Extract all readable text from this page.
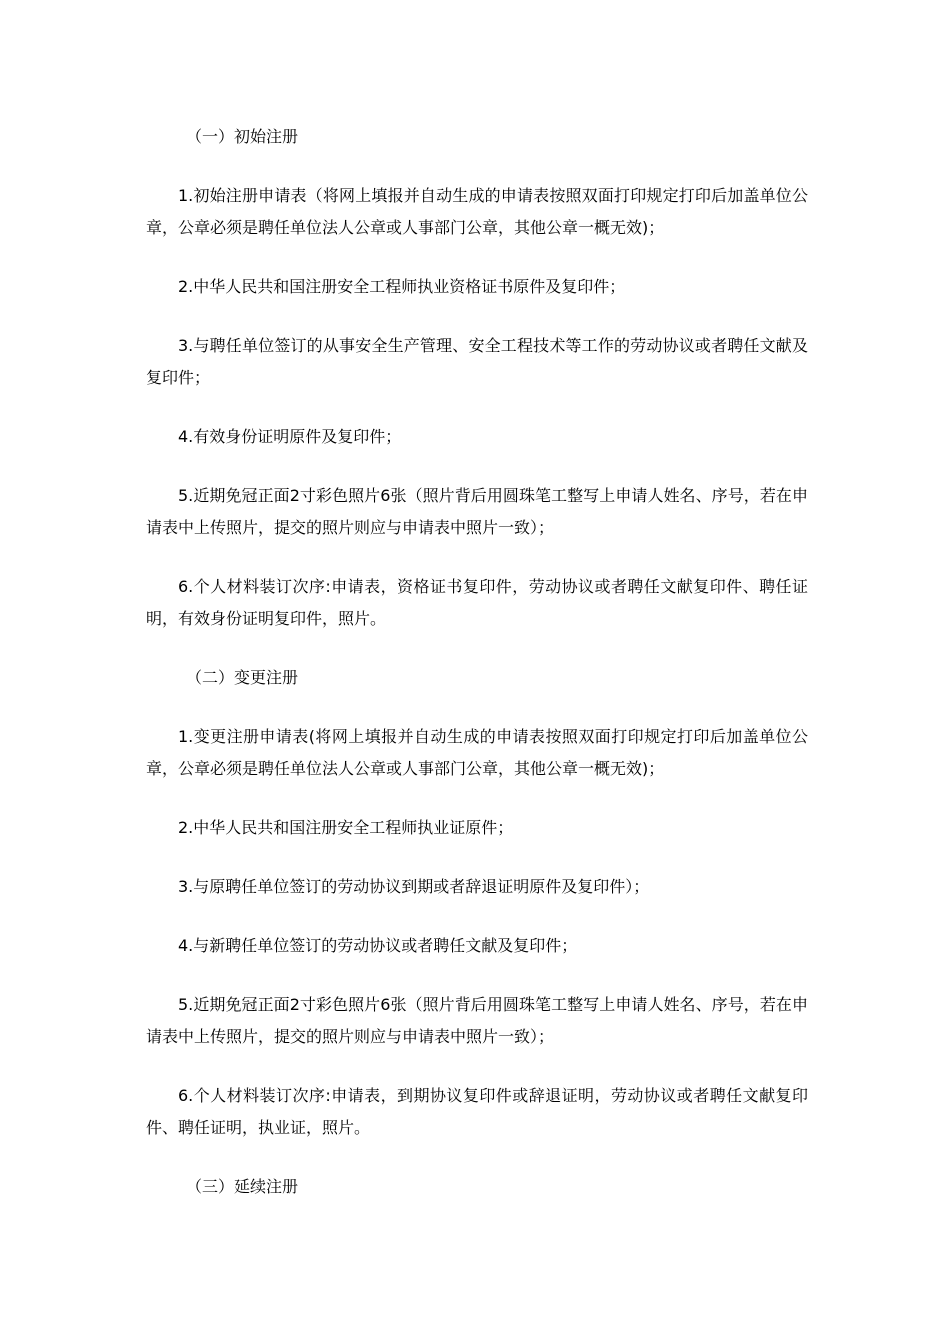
（一）初始注册

1.初始注册申请表（将网上填报并自动生成的申请表按照双面打印规定打印后加盖单位公章，公章必须是聘任单位法人公章或人事部门公章，其他公章一概无效)；

2.中华人民共和国注册安全工程师执业资格证书原件及复印件；

3.与聘任单位签订的从事安全生产管理、安全工程技术等工作的劳动协议或者聘任文献及复印件；

4.有效身份证明原件及复印件；

5.近期免冠正面2寸彩色照片6张（照片背后用圆珠笔工整写上申请人姓名、序号，若在申请表中上传照片，提交的照片则应与申请表中照片一致）；

6.个人材料装订次序:申请表，资格证书复印件，劳动协议或者聘任文献复印件、聘任证明，有效身份证明复印件，照片。

（二）变更注册

1.变更注册申请表(将网上填报并自动生成的申请表按照双面打印规定打印后加盖单位公章，公章必须是聘任单位法人公章或人事部门公章，其他公章一概无效)；

2.中华人民共和国注册安全工程师执业证原件；

3.与原聘任单位签订的劳动协议到期或者辞退证明原件及复印件）；

4.与新聘任单位签订的劳动协议或者聘任文献及复印件；

5.近期免冠正面2寸彩色照片6张（照片背后用圆珠笔工整写上申请人姓名、序号，若在申请表中上传照片，提交的照片则应与申请表中照片一致）；

6.个人材料装订次序:申请表，到期协议复印件或辞退证明，劳动协议或者聘任文献复印件、聘任证明，执业证，照片。

（三）延续注册
